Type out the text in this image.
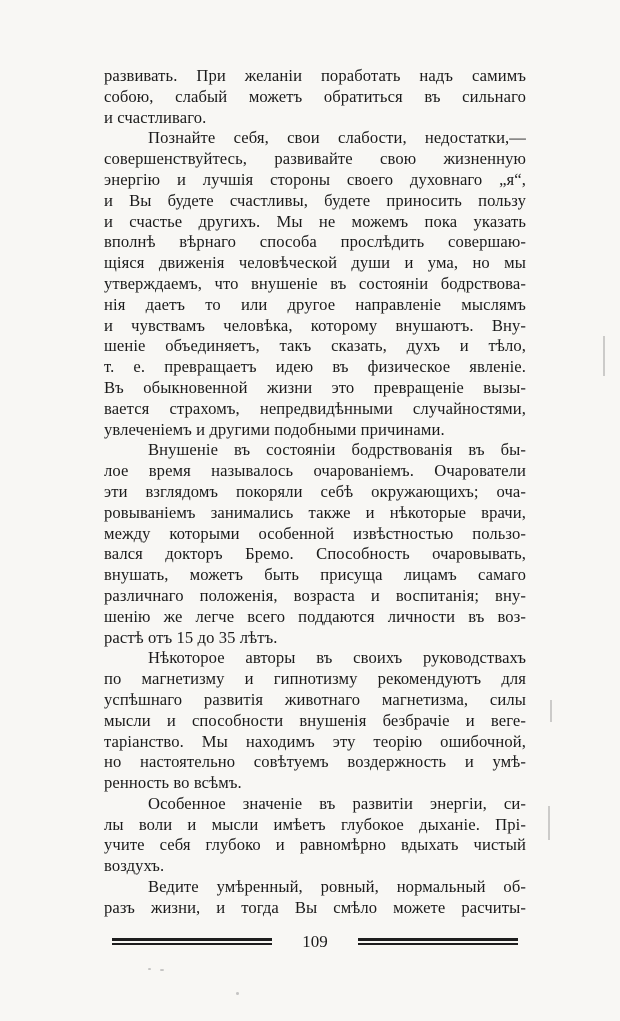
развивать. При желанiи поработать надъ самимъ
собою, слабый можетъ обратиться въ сильнаго
и счастливаго.
Познайте себя, свои слабости, недостатки,—
совершенствуйтесь, развивайте свою жизненную
энергiю и лучшiя стороны своего духовнаго „я“,
и Вы будете счастливы, будете приносить пользу
и счастье другихъ. Мы не можемъ пока указать
вполнѣ вѣрнаго способа прослѣдить совершаю-
щiяся движенiя человѣческой души и ума, но мы
утверждаемъ, что внушенiе въ состоянiи бодрствова-
нiя даетъ то или другое направленiе мыслямъ
и чувствамъ человѣка, которому внушаютъ. Вну-
шенiе объединяетъ, такъ сказать, духъ и тѣло,
т. е. превращаетъ идею въ физическое явленiе.
Въ обыкновенной жизни это превращенiе вызы-
вается страхомъ, непредвидѣнными случайностями,
увлеченiемъ и другими подобными причинами.
Внушенiе въ состоянiи бодрствованiя въ бы-
лое время называлось очарованiемъ. Очарователи
эти взглядомъ покоряли себѣ окружающихъ; оча-
ровыванiемъ занимались также и нѣкоторые врачи,
между которыми особенной извѣстностью пользо-
вался докторъ Бремо. Способность очаровывать,
внушать, можетъ быть присуща лицамъ самаго
различнаго положенiя, возраста и воспитанiя; вну-
шенiю же легче всего поддаются личности въ воз-
растѣ отъ 15 до 35 лѣтъ.
Нѣкоторое авторы въ своихъ руководствахъ
по магнетизму и гипнотизму рекомендуютъ для
успѣшнаго развитiя животнаго магнетизма, силы
мысли и способности внушенiя безбрачiе и веге-
тарiанство. Мы находимъ эту теорiю ошибочной,
но настоятельно совѣтуемъ воздержность и умѣ-
ренность во всѣмъ.
Особенное значенiе въ развитiи энергiи, си-
лы воли и мысли имѣетъ глубокое дыханiе. Прi-
учите себя глубоко и равномѣрно вдыхать чистый
воздухъ.
Ведите умѣренный, ровный, нормальный об-
разъ жизни, и тогда Вы смѣло можете расчиты-
109
